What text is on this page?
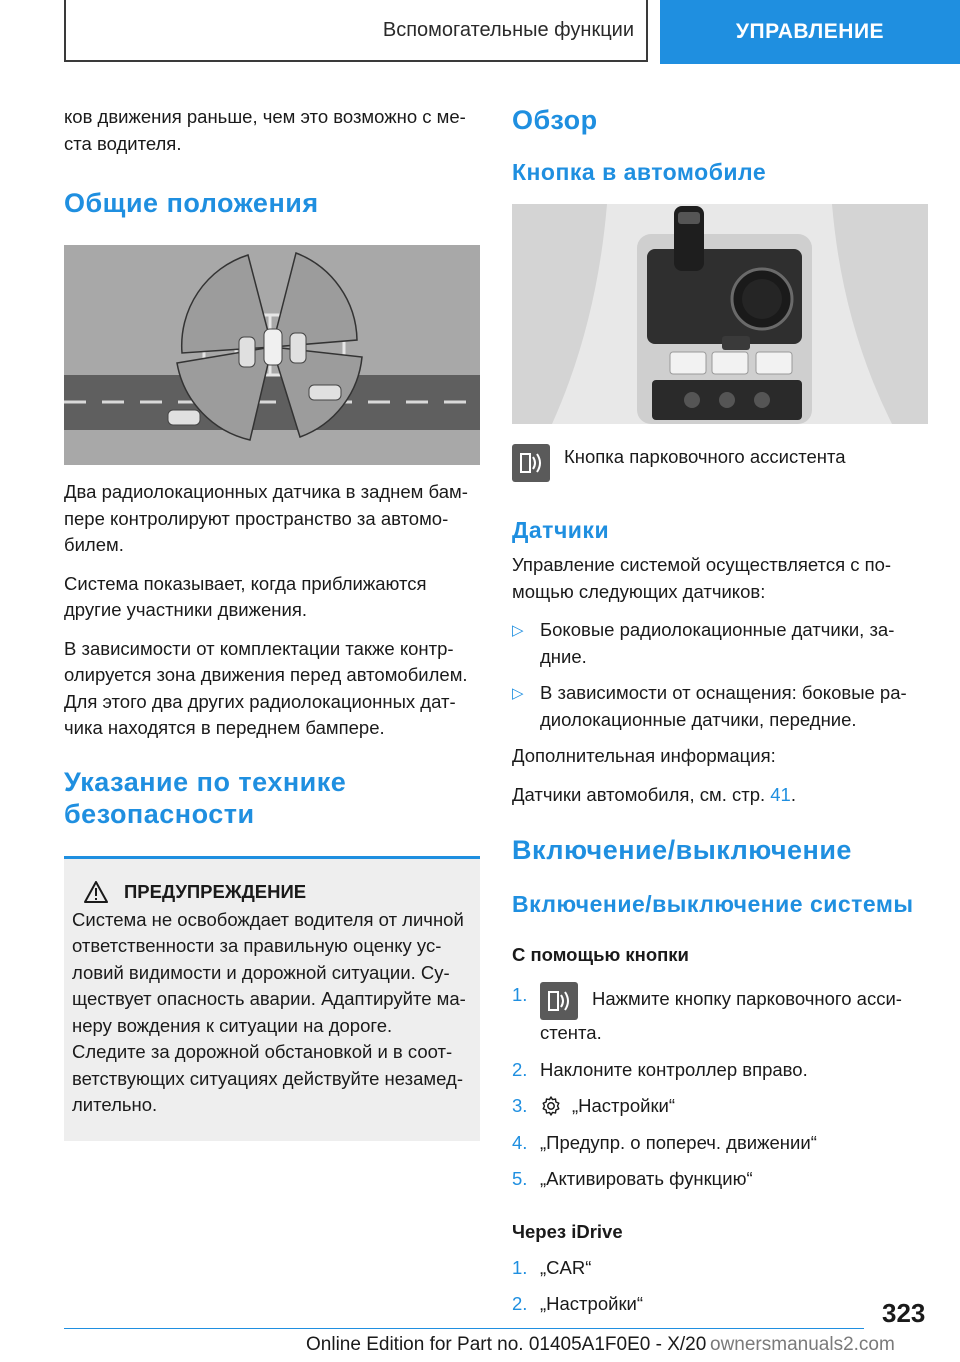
Вспомогательные функции	УПРАВЛЕНИЕ

ков движения раньше, чем это возможно с ме-ста водителя.

Общие положения

Два радиолокационных датчика в заднем бам-пере контролируют пространство за автомо-билем.

Система показывает, когда приближаются другие участники движения.

В зависимости от комплектации также контр-олируется зона движения перед автомобилем. Для этого два других радиолокационных дат-чика находятся в переднем бампере.

Указание по технике безопасности
ПРЕДУПРЕЖДЕНИЕ

Система не освобождает водителя от личной ответственности за правильную оценку ус-ловий видимости и дорожной ситуации. Су-ществует опасность аварии. Адаптируйте ма-неру вождения к ситуации на дороге. Следите за дорожной обстановкой и в соот-ветствующих ситуациях действуйте незамед-лительно.

Обзор
Кнопка в автомобиле
Кнопка парковочного ассистента
Датчики

Управление системой осуществляется с по-мощью следующих датчиков:

▷ Боковые радиолокационные датчики, за-дние.
▷ В зависимости от оснащения: боковые ра-диолокационные датчики, передние.

Дополнительная информация:

Датчики автомобиля, см. стр. 41.

Включение/выключение
Включение/выключение системы
С помощью кнопки
1.	Нажмите кнопку парковочного асси-стента.
2. Наклоните контроллер вправо.
3.	„Настройки“
4. „Предупр. о попереч. движении“
5. „Активировать функцию“
Через iDrive
1. „CAR“
2. „Настройки“	323
Online Edition for Part no. 01405A1F0E0 - X/20 ownersmanuals2.com
